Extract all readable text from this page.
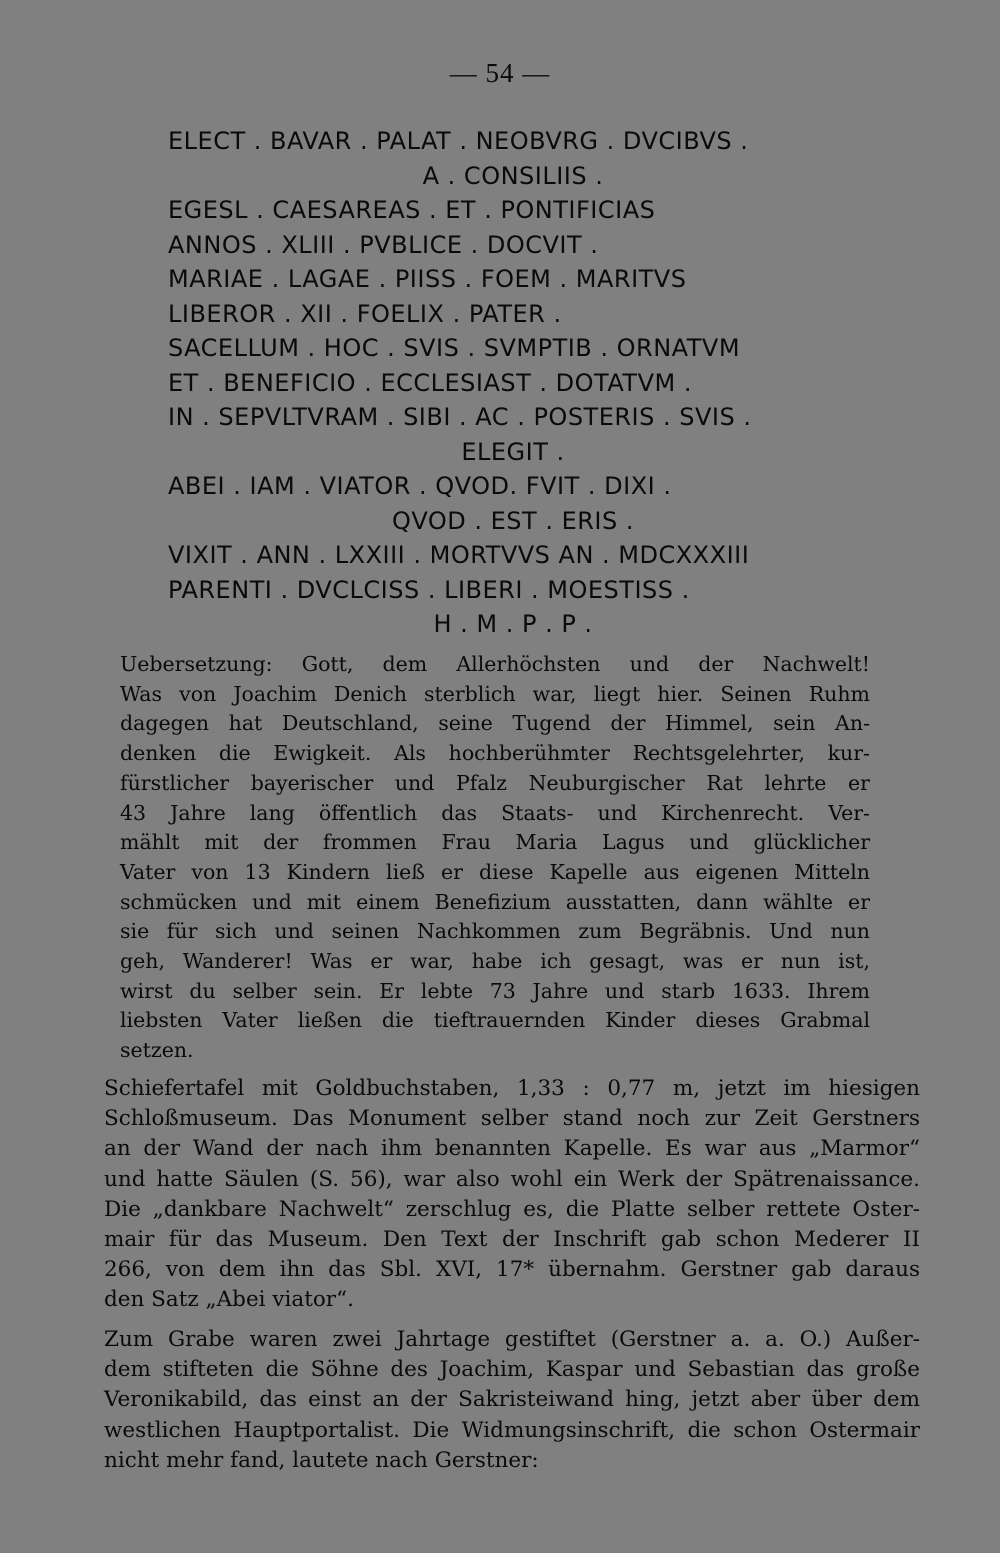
— 54 —
ELECT . BAVAR . PALAT . NEOBVRG . DVCIBVS .
A . CONSILIIS .
EGESL . CAESAREAS . ET . PONTIFICIAS
ANNOS . XLIII . PVBLICE . DOCVIT .
MARIAE . LAGAE . PIISS . FOEM . MARITVS
LIBEROR . XII . FOELIX . PATER .
SACELLUM . HOC . SVIS . SVMPTIB . ORNATVM
ET . BENEFICIO . ECCLESIAST . DOTATVM .
IN . SEPVLTVRAM . SIBI . AC . POSTERIS . SVIS .
ELEGIT .
ABEI . IAM . VIATOR . QVOD. FVIT . DIXI .
QVOD . EST . ERIS .
VIXIT . ANN . LXXIII . MORTVVS AN . MDCXXXIII
PARENTI . DVCLCISS . LIBERI . MOESTISS .
H . M . P . P .
Uebersetzung: Gott, dem Allerhöchsten und der Nachwelt!
Was von Joachim Denich sterblich war, liegt hier. Seinen Ruhm
dagegen hat Deutschland, seine Tugend der Himmel, sein An-
denken die Ewigkeit. Als hochberühmter Rechtsgelehrter, kur-
fürstlicher bayerischer und Pfalz Neuburgischer Rat lehrte er
43 Jahre lang öffentlich das Staats- und Kirchenrecht. Ver-
mählt mit der frommen Frau Maria Lagus und glücklicher
Vater von 13 Kindern ließ er diese Kapelle aus eigenen Mitteln
schmücken und mit einem Benefizium ausstatten, dann wählte er
sie für sich und seinen Nachkommen zum Begräbnis. Und nun
geh, Wanderer! Was er war, habe ich gesagt, was er nun ist,
wirst du selber sein. Er lebte 73 Jahre und starb 1633. Ihrem
liebsten Vater ließen die tieftrauernden Kinder dieses Grabmal
setzen.
Schiefertafel mit Goldbuchstaben, 1,33 : 0,77 m, jetzt im hiesigen
Schloßmuseum. Das Monument selber stand noch zur Zeit Gerstners
an der Wand der nach ihm benannten Kapelle. Es war aus „Marmor“
und hatte Säulen (S. 56), war also wohl ein Werk der Spätrenaissance.
Die „dankbare Nachwelt“ zerschlug es, die Platte selber rettete Oster-
mair für das Museum. Den Text der Inschrift gab schon Mederer II
266, von dem ihn das Sbl. XVI, 17* übernahm. Gerstner gab daraus
den Satz „Abei viator“.
Zum Grabe waren zwei Jahrtage gestiftet (Gerstner a. a. O.) Außer-
dem stifteten die Söhne des Joachim, Kaspar und Sebastian das große
Veronikabild, das einst an der Sakristeiwand hing, jetzt aber über dem
westlichen Hauptportalist. Die Widmungsinschrift, die schon Ostermair
nicht mehr fand, lautete nach Gerstner:
